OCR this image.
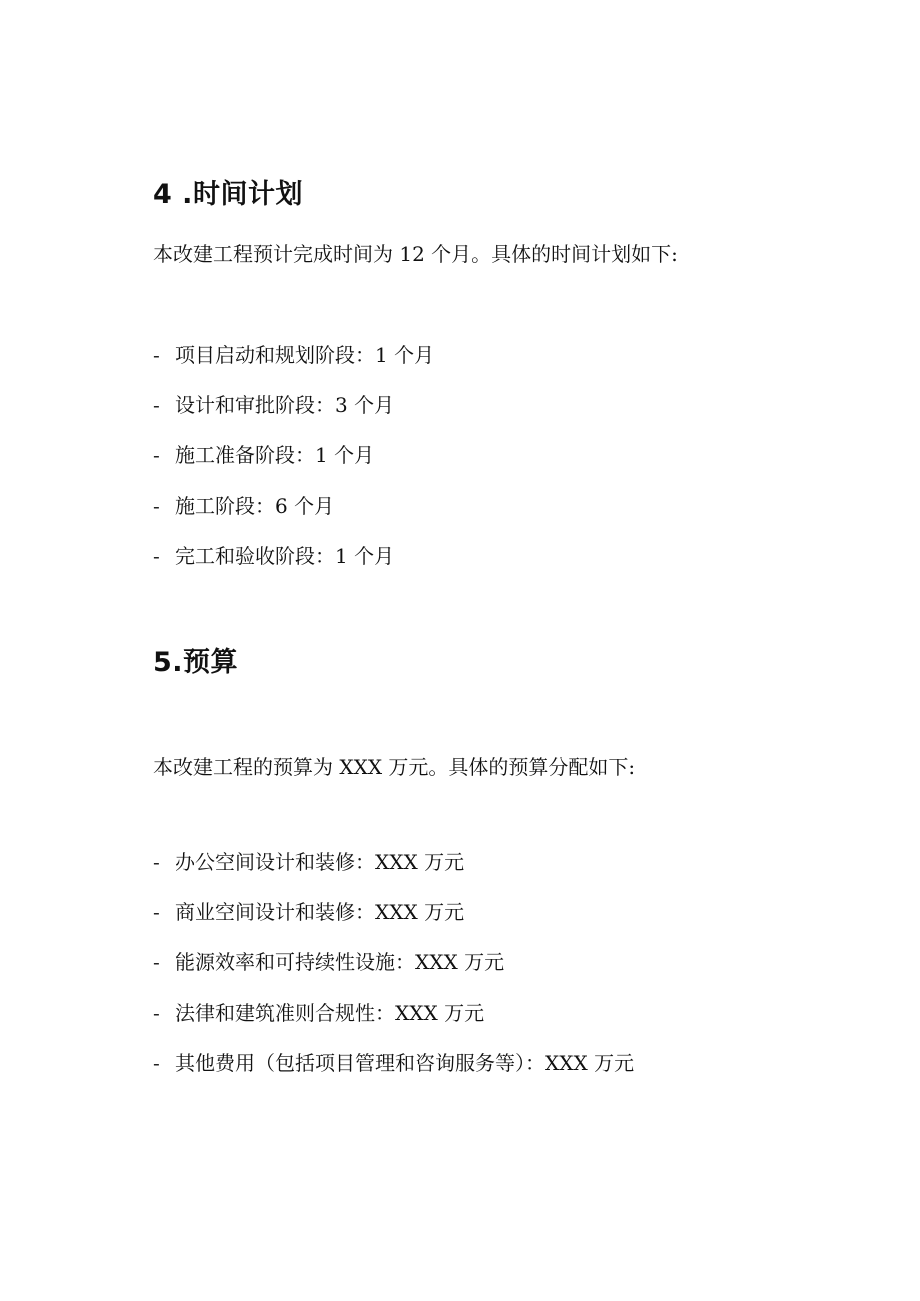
4 .时间计划
本改建工程预计完成时间为 12 个月。具体的时间计划如下:
- 项目启动和规划阶段：1 个月
- 设计和审批阶段：3 个月
- 施工准备阶段：1 个月
- 施工阶段：6 个月
- 完工和验收阶段：1 个月
5.预算
本改建工程的预算为 XXX 万元。具体的预算分配如下:
- 办公空间设计和装修：XXX 万元
- 商业空间设计和装修：XXX 万元
- 能源效率和可持续性设施：XXX 万元
- 法律和建筑准则合规性：XXX 万元
- 其他费用（包括项目管理和咨询服务等）：XXX 万元
